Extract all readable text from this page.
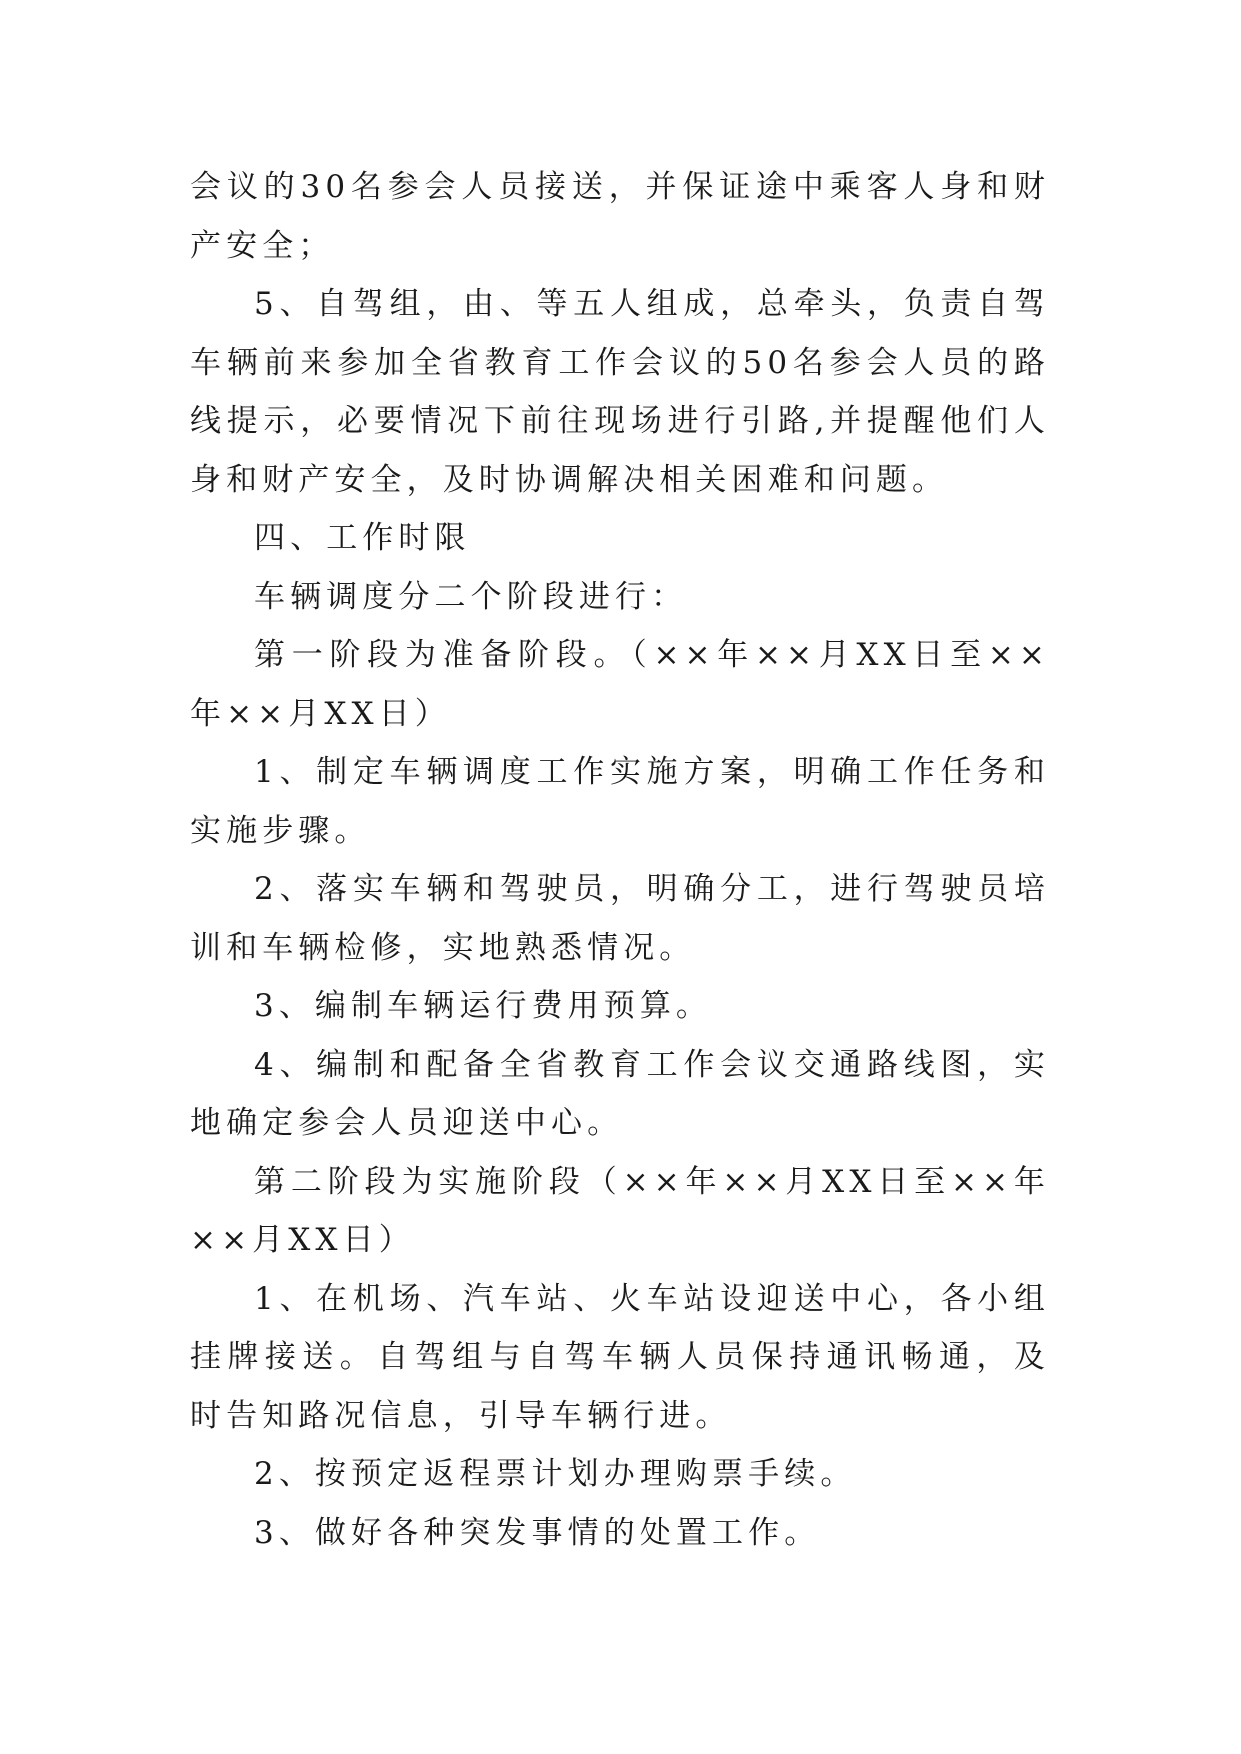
会议的30名参会人员接送，并保证途中乘客人身和财产安全；

5、自驾组，由、等五人组成，总牵头，负责自驾车辆前来参加全省教育工作会议的50名参会人员的路线提示，必要情况下前往现场进行引路,并提醒他们人身和财产安全，及时协调解决相关困难和问题。

四、工作时限

车辆调度分二个阶段进行：

第一阶段为准备阶段。（××年××月XX日至××年××月XX日）

1、制定车辆调度工作实施方案，明确工作任务和实施步骤。

2、落实车辆和驾驶员，明确分工，进行驾驶员培训和车辆检修，实地熟悉情况。

3、编制车辆运行费用预算。

4、编制和配备全省教育工作会议交通路线图，实地确定参会人员迎送中心。

第二阶段为实施阶段（××年××月XX日至××年××月XX日）

1、在机场、汽车站、火车站设迎送中心，各小组挂牌接送。自驾组与自驾车辆人员保持通讯畅通，及时告知路况信息，引导车辆行进。

2、按预定返程票计划办理购票手续。

3、做好各种突发事情的处置工作。
